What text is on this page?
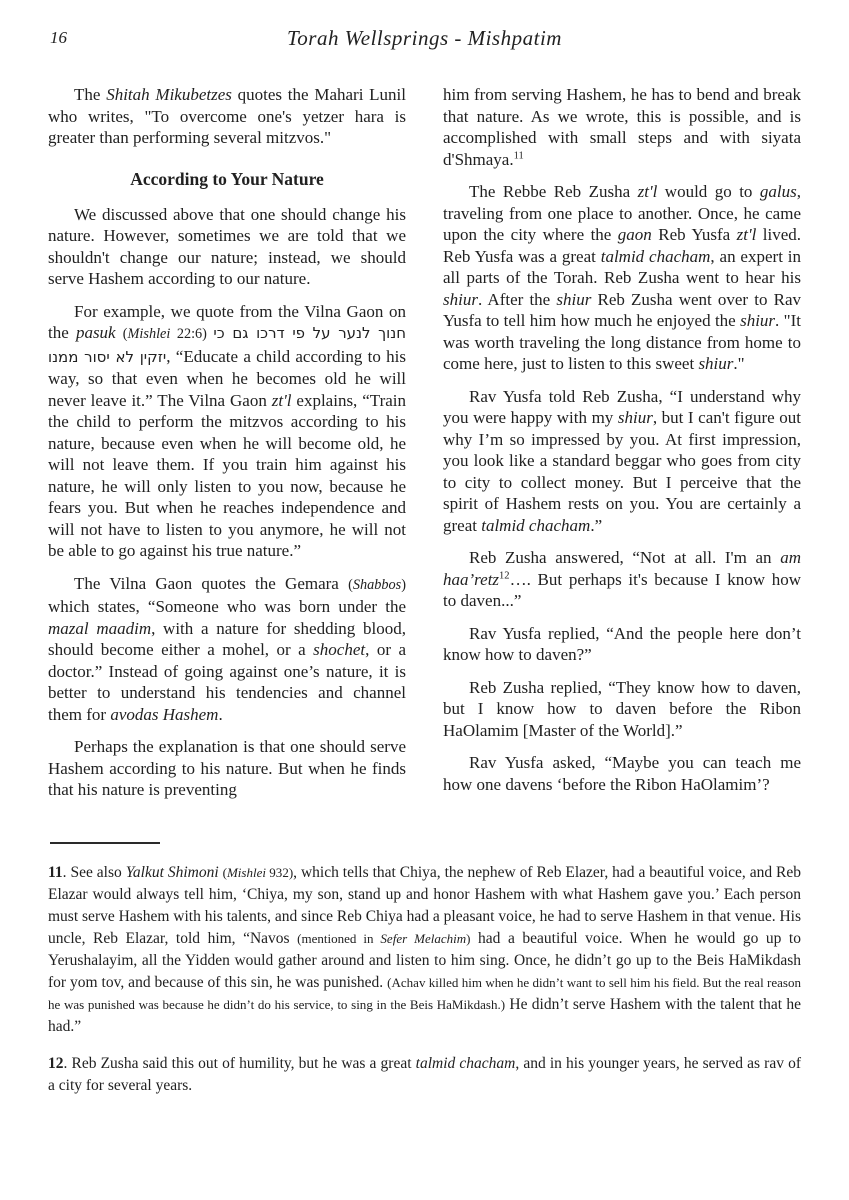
16	Torah Wellsprings - Mishpatim

The Shitah Mikubetzes quotes the Mahari Lunil who writes, "To overcome one's yetzer hara is greater than performing several mitzvos."

According to Your Nature

We discussed above that one should change his nature. However, sometimes we are told that we shouldn't change our nature; instead, we should serve Hashem according to our nature.

For example, we quote from the Vilna Gaon on the pasuk (Mishlei 22:6) חנוך לנער על פי דרכו גם כי יזקין לא יסור ממנו, “Educate a child according to his way, so that even when he becomes old he will never leave it.” The Vilna Gaon zt'l explains, “Train the child to perform the mitzvos according to his nature, because even when he will become old, he will not leave them. If you train him against his nature, he will only listen to you now, because he fears you. But when he reaches independence and will not have to listen to you anymore, he will not be able to go against his true nature.”

The Vilna Gaon quotes the Gemara (Shabbos) which states, “Someone who was born under the mazal maadim, with a nature for shedding blood, should become either a mohel, or a shochet, or a doctor.” Instead of going against one’s nature, it is better to understand his tendencies and channel them for avodas Hashem.

Perhaps the explanation is that one should serve Hashem according to his nature. But when he finds that his nature is preventing

him from serving Hashem, he has to bend and break that nature. As we wrote, this is possible, and is accomplished with small steps and with siyata d'Shmaya.$^{11}$

The Rebbe Reb Zusha zt'l would go to galus, traveling from one place to another. Once, he came upon the city where the gaon Reb Yusfa zt'l lived. Reb Yusfa was a great talmid chacham, an expert in all parts of the Torah. Reb Zusha went to hear his shiur. After the shiur Reb Zusha went over to Rav Yusfa to tell him how much he enjoyed the shiur. "It was worth traveling the long distance from home to come here, just to listen to this sweet shiur."

Rav Yusfa told Reb Zusha, “I understand why you were happy with my shiur, but I can't figure out why I’m so impressed by you. At first impression, you look like a standard beggar who goes from city to city to collect money. But I perceive that the spirit of Hashem rests on you. You are certainly a great talmid chacham.”

Reb Zusha answered, “Not at all. I'm an am haa’retz$^{12}$…. But perhaps it's because I know how to daven...”

Rav Yusfa replied, “And the people here don’t know how to daven?”

Reb Zusha replied, “They know how to daven, but I know how to daven before the Ribon HaOlamim [Master of the World].”

Rav Yusfa asked, “Maybe you can teach me how one davens ‘before the Ribon HaOlamim’?

11. See also Yalkut Shimoni (Mishlei 932), which tells that Chiya, the nephew of Reb Elazer, had a beautiful voice, and Reb Elazar would always tell him, ‘Chiya, my son, stand up and honor Hashem with what Hashem gave you.’ Each person must serve Hashem with his talents, and since Reb Chiya had a pleasant voice, he had to serve Hashem in that venue. His uncle, Reb Elazar, told him, “Navos (mentioned in Sefer Melachim) had a beautiful voice. When he would go up to Yerushalayim, all the Yidden would gather around and listen to him sing. Once, he didn’t go up to the Beis HaMikdash for yom tov, and because of this sin, he was punished. (Achav killed him when he didn’t want to sell him his field. But the real reason he was punished was because he didn’t do his service, to sing in the Beis HaMikdash.) He didn’t serve Hashem with the talent that he had.”

12. Reb Zusha said this out of humility, but he was a great talmid chacham, and in his younger years, he served as rav of a city for several years.
